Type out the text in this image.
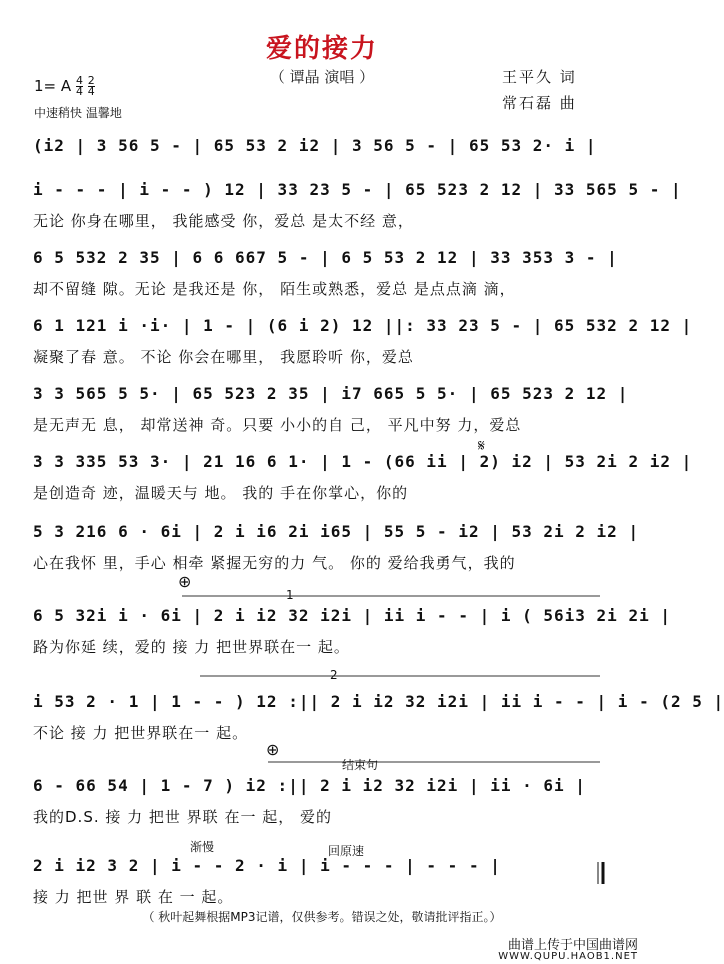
爱的接力
（ 谭晶 演唱 ）	王平久 词
常石磊 曲
1= A $\frac{4}{4}$
$\frac{2}{4}$
中速稍快 温馨地
(i2 | 3 56 5 - | 65 53 2 i2 | 3 56 5 - | 65 53 2· i |
i - - - | i - - ) 12 | 33 23 5 - | 65 523 2 12 | 33 565 5 - |
无论 你身在哪里， 我能感受 你，爱总 是太不经 意，
6 5 532 2 35 | 6 6 667 5 - | 6 5 53 2 12 | 33 353 3 - |
却不留缝 隙。无论 是我还是 你， 陌生或熟悉，爱总 是点点滴 滴，
6 1 121 i ·i· | 1 - | (6 i 2) 12 ||: 33 23 5 - | 65 532 2 12 |
凝聚了春 意。 不论 你会在哪里， 我愿聆听 你，爱总
3 3 565 5 5· | 65 523 2 35 | i7 665 5 5· | 65 523 2 12 |
是无声无 息， 却常送神 奇。只要 小小的自 己， 平凡中努 力，爱总
3 3 335 53 3· | 21 16 6 1· | 1 - (66 ii | 2) i2 | 53 2i 2 i2 |
是创造奇 迹，温暖天与 地。 我的 手在你掌心，你的
5 3 216 6 · 6i | 2 i i6 2i i65 | 55 5 - i2 | 53 2i 2 i2 |
心在我怀 里，手心 相牵 紧握无穷的力 气。 你的 爱给我勇气，我的
6 5 32i i · 6i | 2 i i2 32 i2i | ii i - - | i ( 56i3 2i 2i |
路为你延 续，爱的 接 力 把世界联在一 起。
i 53 2 · 1 | 1 - - ) 12 :|| 2 i i2 32 i2i | ii i - - | i - (2 5 |
不论 接 力 把世界联在一 起。
6 - 66 54 | 1 - 7 ) i2 :|| 2 i i2 32 i2i | ii · 6i |
我的D.S. 接 力 把世 界联 在一 起， 爱的
2 i i2 3 2 | i - - 2 · i | i - - - | - - - |
接 力 把世 界 联 在 一 起。
𝄋
⊕
⊕
1
2
结束句
渐慢	回原速
（ 秋叶起舞根据MP3记谱，仅供参考。错误之处，敬请批评指正。）
曲谱上传于中国曲谱网
WWW.QUPU.HAOB1.NET
